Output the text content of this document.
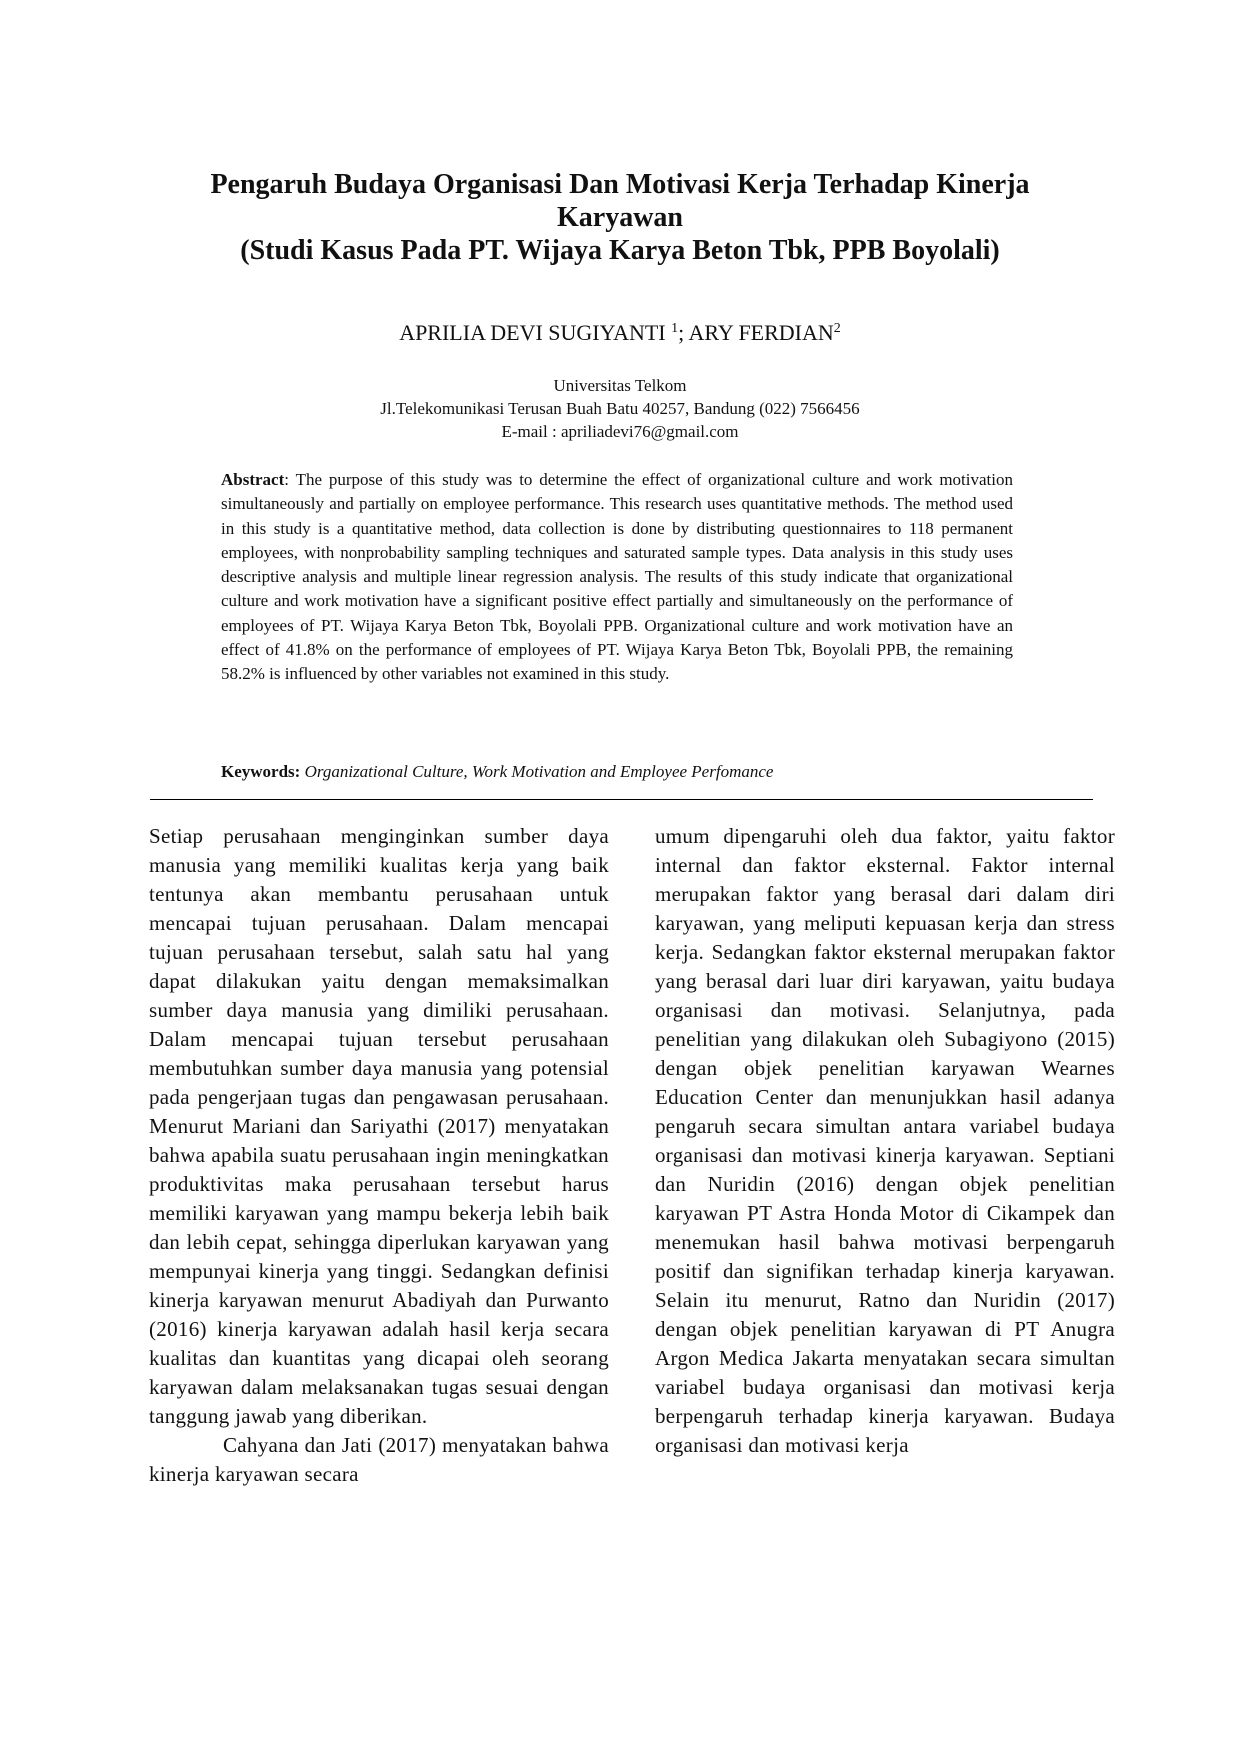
Pengaruh Budaya Organisasi Dan Motivasi Kerja Terhadap Kinerja
Karyawan
(Studi Kasus Pada PT. Wijaya Karya Beton Tbk, PPB Boyolali)
APRILIA DEVI SUGIYANTI $^1$; ARY FERDIAN$^2$
Universitas Telkom
Jl.Telekomunikasi Terusan Buah Batu 40257, Bandung (022) 7566456
E-mail : apriliadevi76@gmail.com
Abstract: The purpose of this study was to determine the effect of organizational culture and work motivation simultaneously and partially on employee performance. This research uses quantitative methods. The method used in this study is a quantitative method, data collection is done by distributing questionnaires to 118 permanent employees, with nonprobability sampling techniques and saturated sample types. Data analysis in this study uses descriptive analysis and multiple linear regression analysis. The results of this study indicate that organizational culture and work motivation have a significant positive effect partially and simultaneously on the performance of employees of PT. Wijaya Karya Beton Tbk, Boyolali PPB. Organizational culture and work motivation have an effect of 41.8% on the performance of employees of PT. Wijaya Karya Beton Tbk, Boyolali PPB, the remaining 58.2% is influenced by other variables not examined in this study.
Keywords: Organizational Culture, Work Motivation and Employee Perfomance

Setiap perusahaan menginginkan sumber daya manusia yang memiliki kualitas kerja yang baik tentunya akan membantu perusahaan untuk mencapai tujuan perusahaan. Dalam mencapai tujuan perusahaan tersebut, salah satu hal yang dapat dilakukan yaitu dengan memaksimalkan sumber daya manusia yang dimiliki perusahaan. Dalam mencapai tujuan tersebut perusahaan membutuhkan sumber daya manusia yang potensial pada pengerjaan tugas dan pengawasan perusahaan. Menurut Mariani dan Sariyathi (2017) menyatakan bahwa apabila suatu perusahaan ingin meningkatkan produktivitas maka perusahaan tersebut harus memiliki karyawan yang mampu bekerja lebih baik dan lebih cepat, sehingga diperlukan karyawan yang mempunyai kinerja yang tinggi. Sedangkan definisi kinerja karyawan menurut Abadiyah dan Purwanto (2016) kinerja karyawan adalah hasil kerja secara kualitas dan kuantitas yang dicapai oleh seorang karyawan dalam melaksanakan tugas sesuai dengan tanggung jawab yang diberikan.

Cahyana dan Jati (2017) menyatakan bahwa kinerja karyawan secara

umum dipengaruhi oleh dua faktor, yaitu faktor internal dan faktor eksternal. Faktor internal merupakan faktor yang berasal dari dalam diri karyawan, yang meliputi kepuasan kerja dan stress kerja. Sedangkan faktor eksternal merupakan faktor yang berasal dari luar diri karyawan, yaitu budaya organisasi dan motivasi. Selanjutnya, pada penelitian yang dilakukan oleh Subagiyono (2015) dengan objek penelitian karyawan Wearnes Education Center dan menunjukkan hasil adanya pengaruh secara simultan antara variabel budaya organisasi dan motivasi kinerja karyawan. Septiani dan Nuridin (2016) dengan objek penelitian karyawan PT Astra Honda Motor di Cikampek dan menemukan hasil bahwa motivasi berpengaruh positif dan signifikan terhadap kinerja karyawan. Selain itu menurut, Ratno dan Nuridin (2017) dengan objek penelitian karyawan di PT Anugra Argon Medica Jakarta menyatakan secara simultan variabel budaya organisasi dan motivasi kerja berpengaruh terhadap kinerja karyawan. Budaya organisasi dan motivasi kerja
